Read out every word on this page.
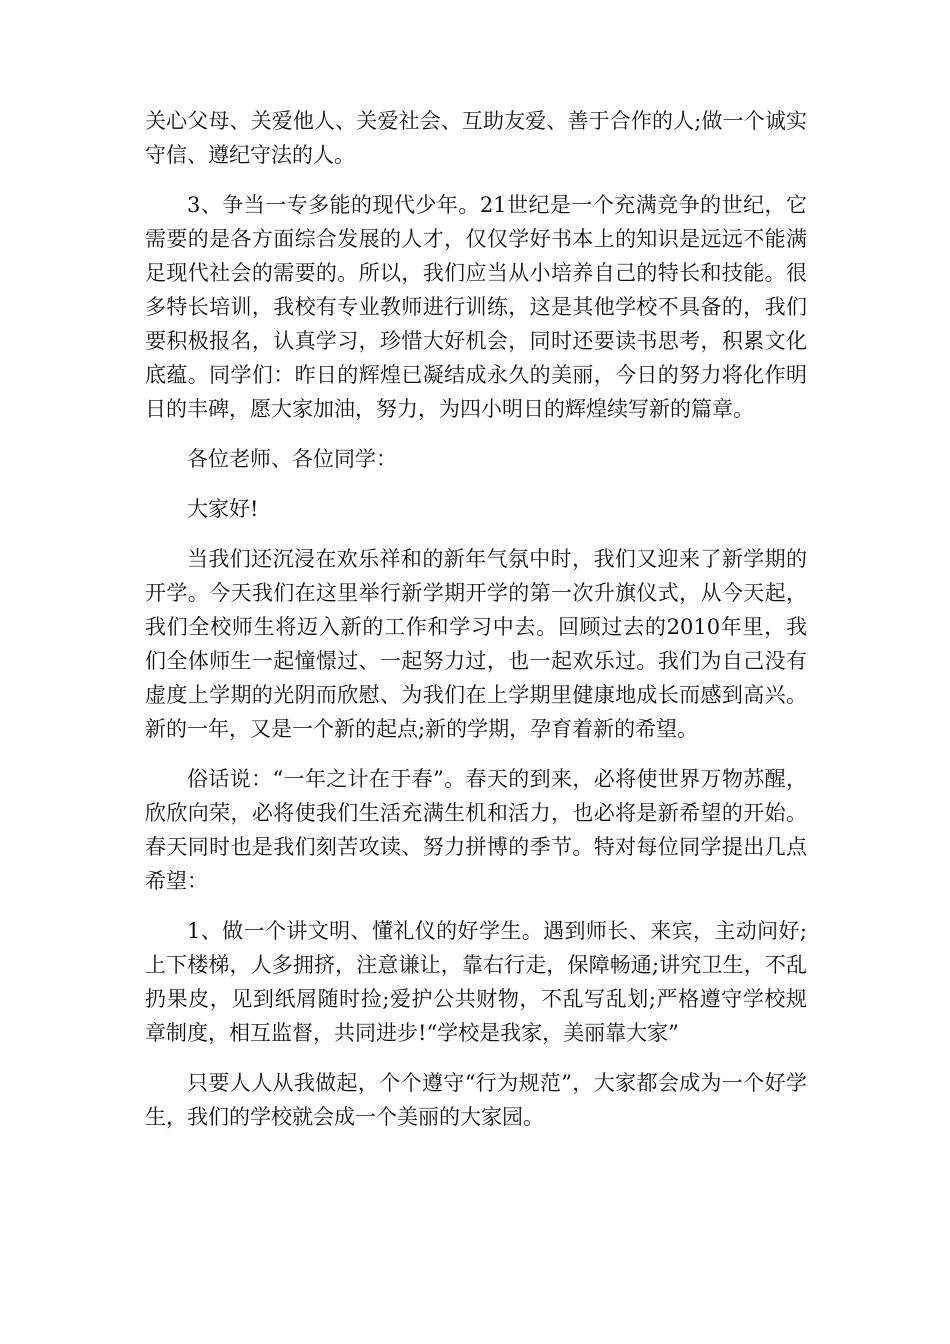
关心父母、关爱他人、关爱社会、互助友爱、善于合作的人;做一个诚实守信、遵纪守法的人。

3、争当一专多能的现代少年。21世纪是一个充满竞争的世纪，它需要的是各方面综合发展的人才，仅仅学好书本上的知识是远远不能满足现代社会的需要的。所以，我们应当从小培养自己的特长和技能。很多特长培训，我校有专业教师进行训练，这是其他学校不具备的，我们要积极报名，认真学习，珍惜大好机会，同时还要读书思考，积累文化底蕴。同学们：昨日的辉煌已凝结成永久的美丽，今日的努力将化作明日的丰碑，愿大家加油，努力，为四小明日的辉煌续写新的篇章。

各位老师、各位同学：

大家好!

当我们还沉浸在欢乐祥和的新年气氛中时，我们又迎来了新学期的开学。今天我们在这里举行新学期开学的第一次升旗仪式，从今天起，我们全校师生将迈入新的工作和学习中去。回顾过去的2010年里，我们全体师生一起憧憬过、一起努力过，也一起欢乐过。我们为自己没有虚度上学期的光阴而欣慰、为我们在上学期里健康地成长而感到高兴。新的一年，又是一个新的起点;新的学期，孕育着新的希望。

俗话说：“一年之计在于春”。春天的到来，必将使世界万物苏醒，欣欣向荣，必将使我们生活充满生机和活力，也必将是新希望的开始。春天同时也是我们刻苦攻读、努力拼博的季节。特对每位同学提出几点希望：

1、做一个讲文明、懂礼仪的好学生。遇到师长、来宾，主动问好;上下楼梯，人多拥挤，注意谦让，靠右行走，保障畅通;讲究卫生，不乱扔果皮，见到纸屑随时捡;爱护公共财物，不乱写乱划;严格遵守学校规章制度，相互监督，共同进步!“学校是我家，美丽靠大家”

只要人人从我做起，个个遵守“行为规范”，大家都会成为一个好学生，我们的学校就会成一个美丽的大家园。
